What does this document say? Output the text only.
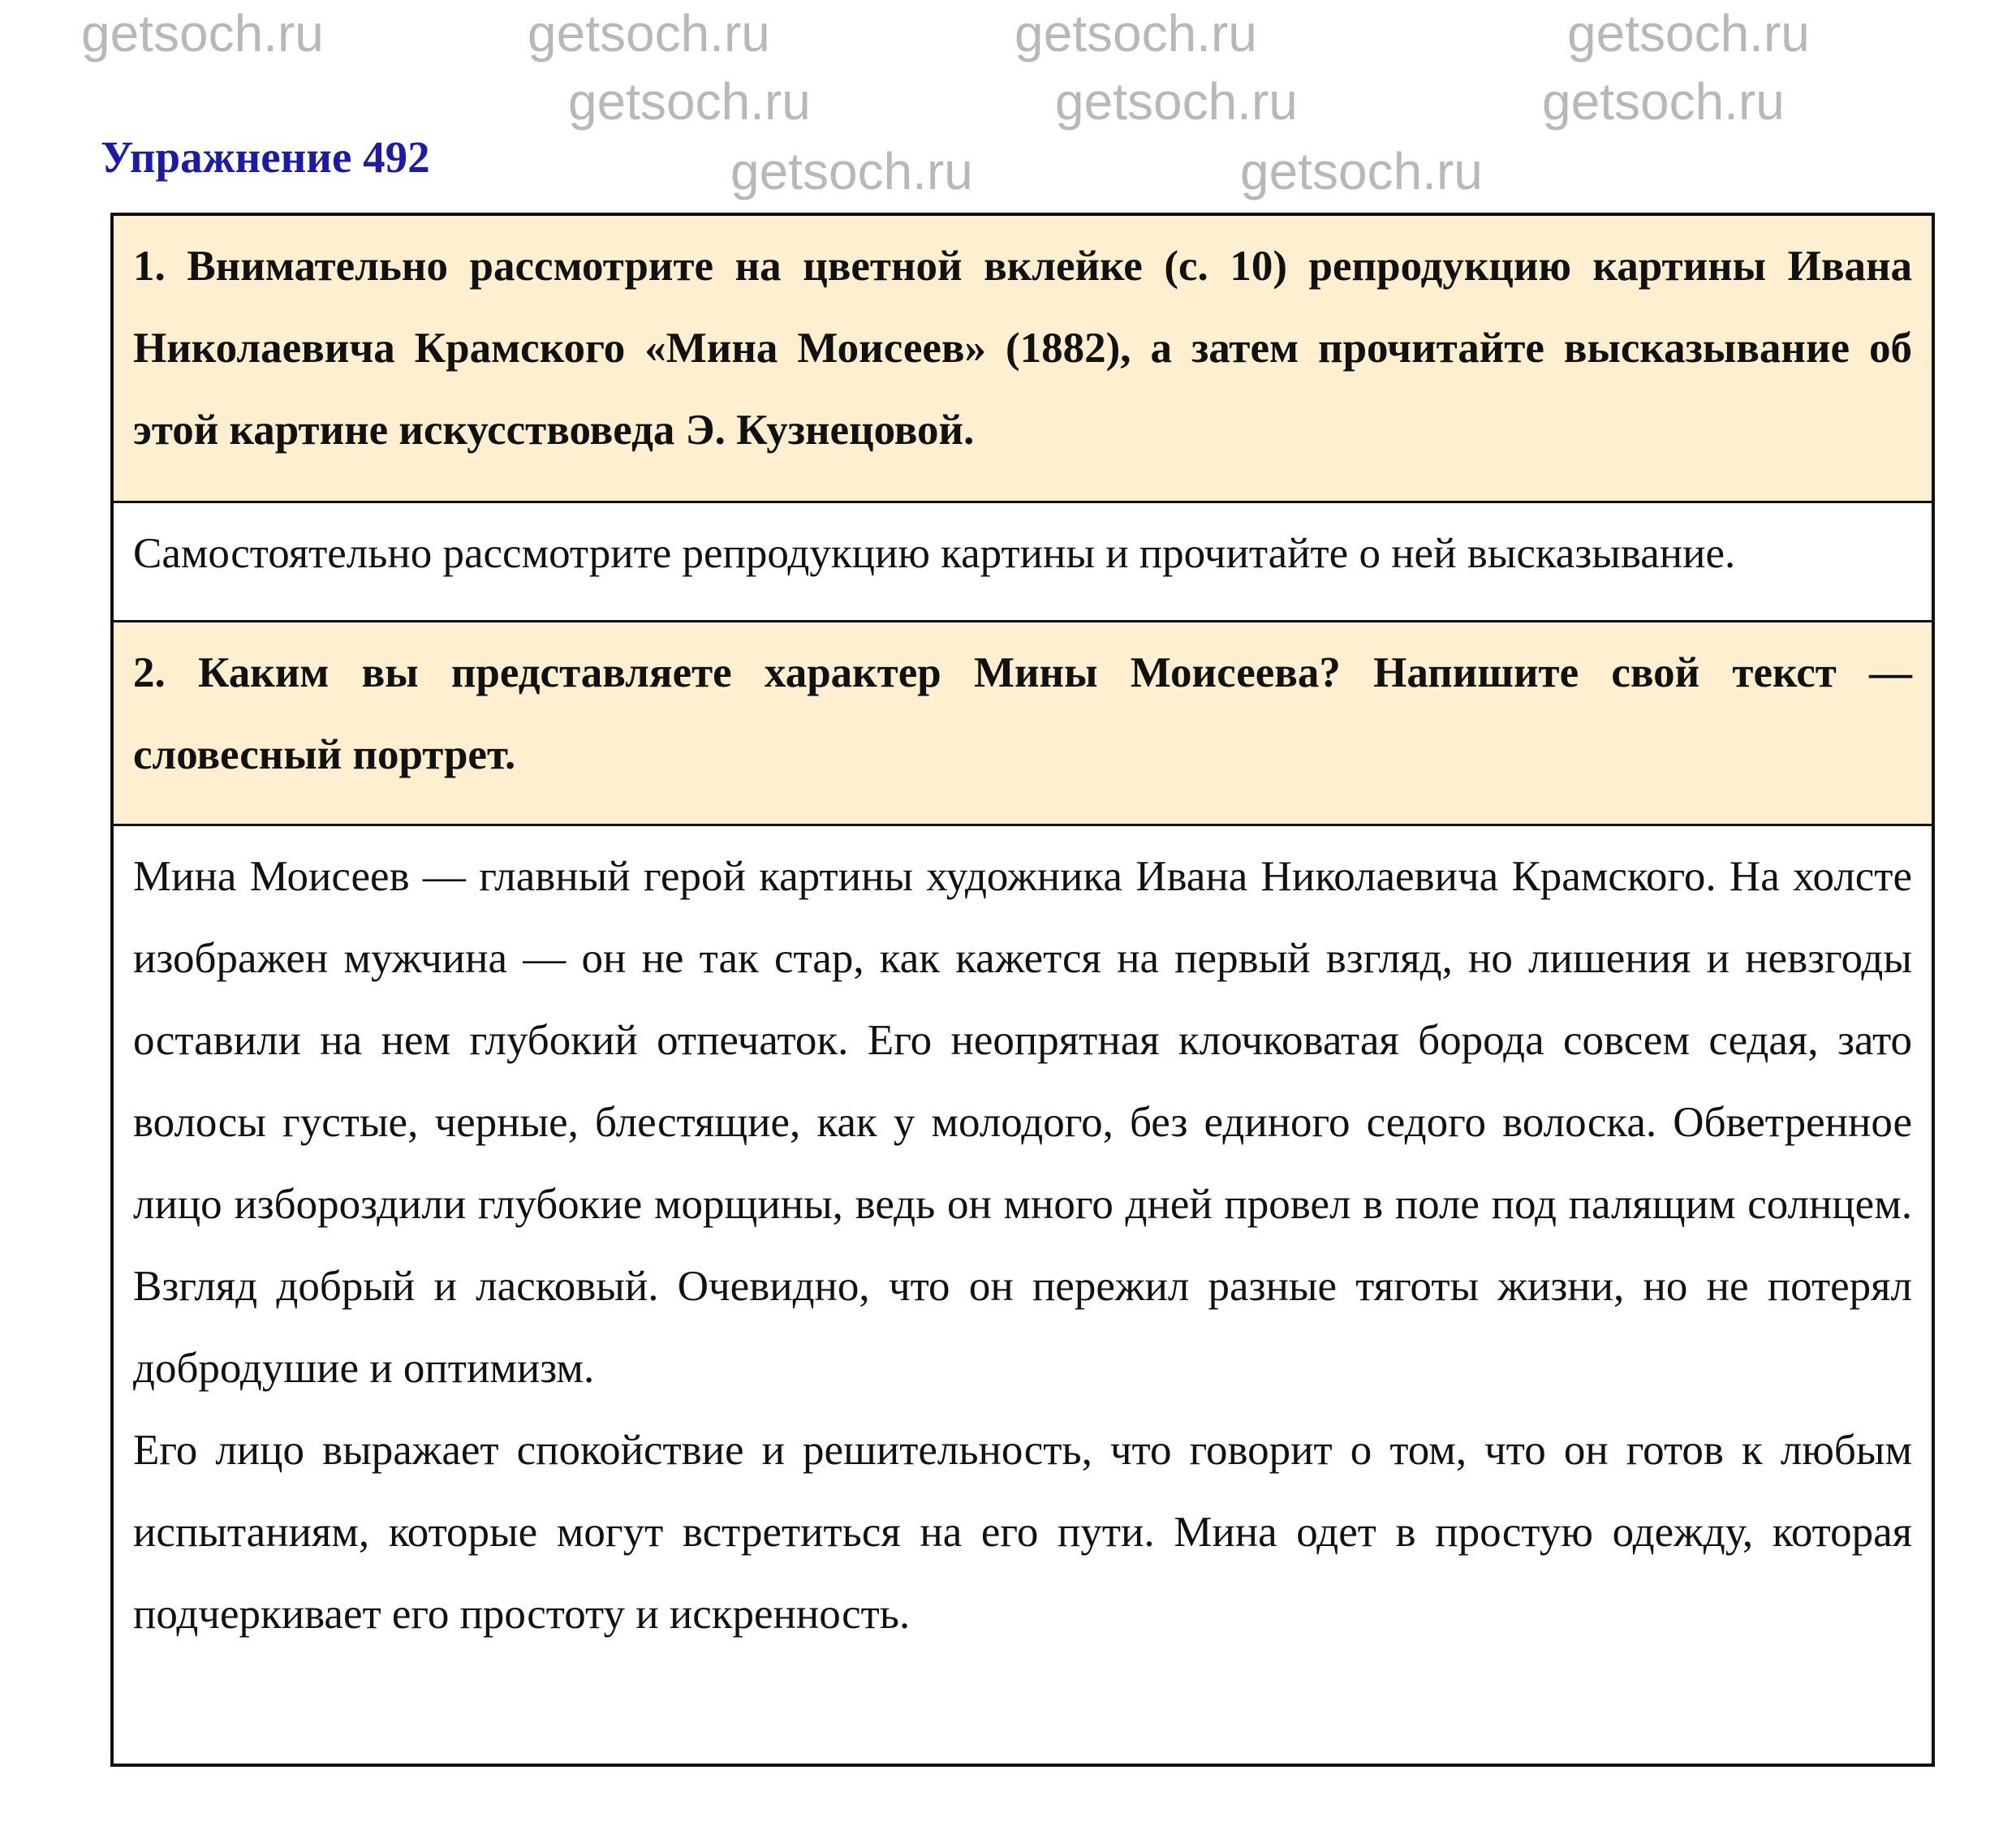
Упражнение 492
1. Внимательно рассмотрите на цветной вклейке (с. 10) репродукцию картины Ивана Николаевича Крамского «Мина Моисеев» (1882), а затем прочитайте высказывание об этой картине искусствоведа Э. Кузнецовой.
Самостоятельно рассмотрите репродукцию картины и прочитайте о ней высказывание.
2. Каким вы представляете характер Мины Моисеева? Напишите свой текст — словесный портрет.

Мина Моисеев — главный герой картины художника Ивана Николаевича Крамского. На холсте изображен мужчина — он не так стар, как кажется на первый взгляд, но лишения и невзгоды оставили на нем глубокий отпечаток. Его неопрятная клочковатая борода совсем седая, зато волосы густые, черные, блестящие, как у молодого, без единого седого волоска. Обветренное лицо избороздили глубокие морщины, ведь он много дней провел в поле под палящим солнцем. Взгляд добрый и ласковый. Очевидно, что он пережил разные тяготы жизни, но не потерял добродушие и оптимизм.

Его лицо выражает спокойствие и решительность, что говорит о том, что он готов к любым испытаниям, которые могут встретиться на его пути. Мина одет в простую одежду, которая подчеркивает его простоту и искренность.

getsoch.ru	getsoch.ru	getsoch.ru	getsoch.ru
getsoch.ru	getsoch.ru	getsoch.ru
getsoch.ru	getsoch.ru
